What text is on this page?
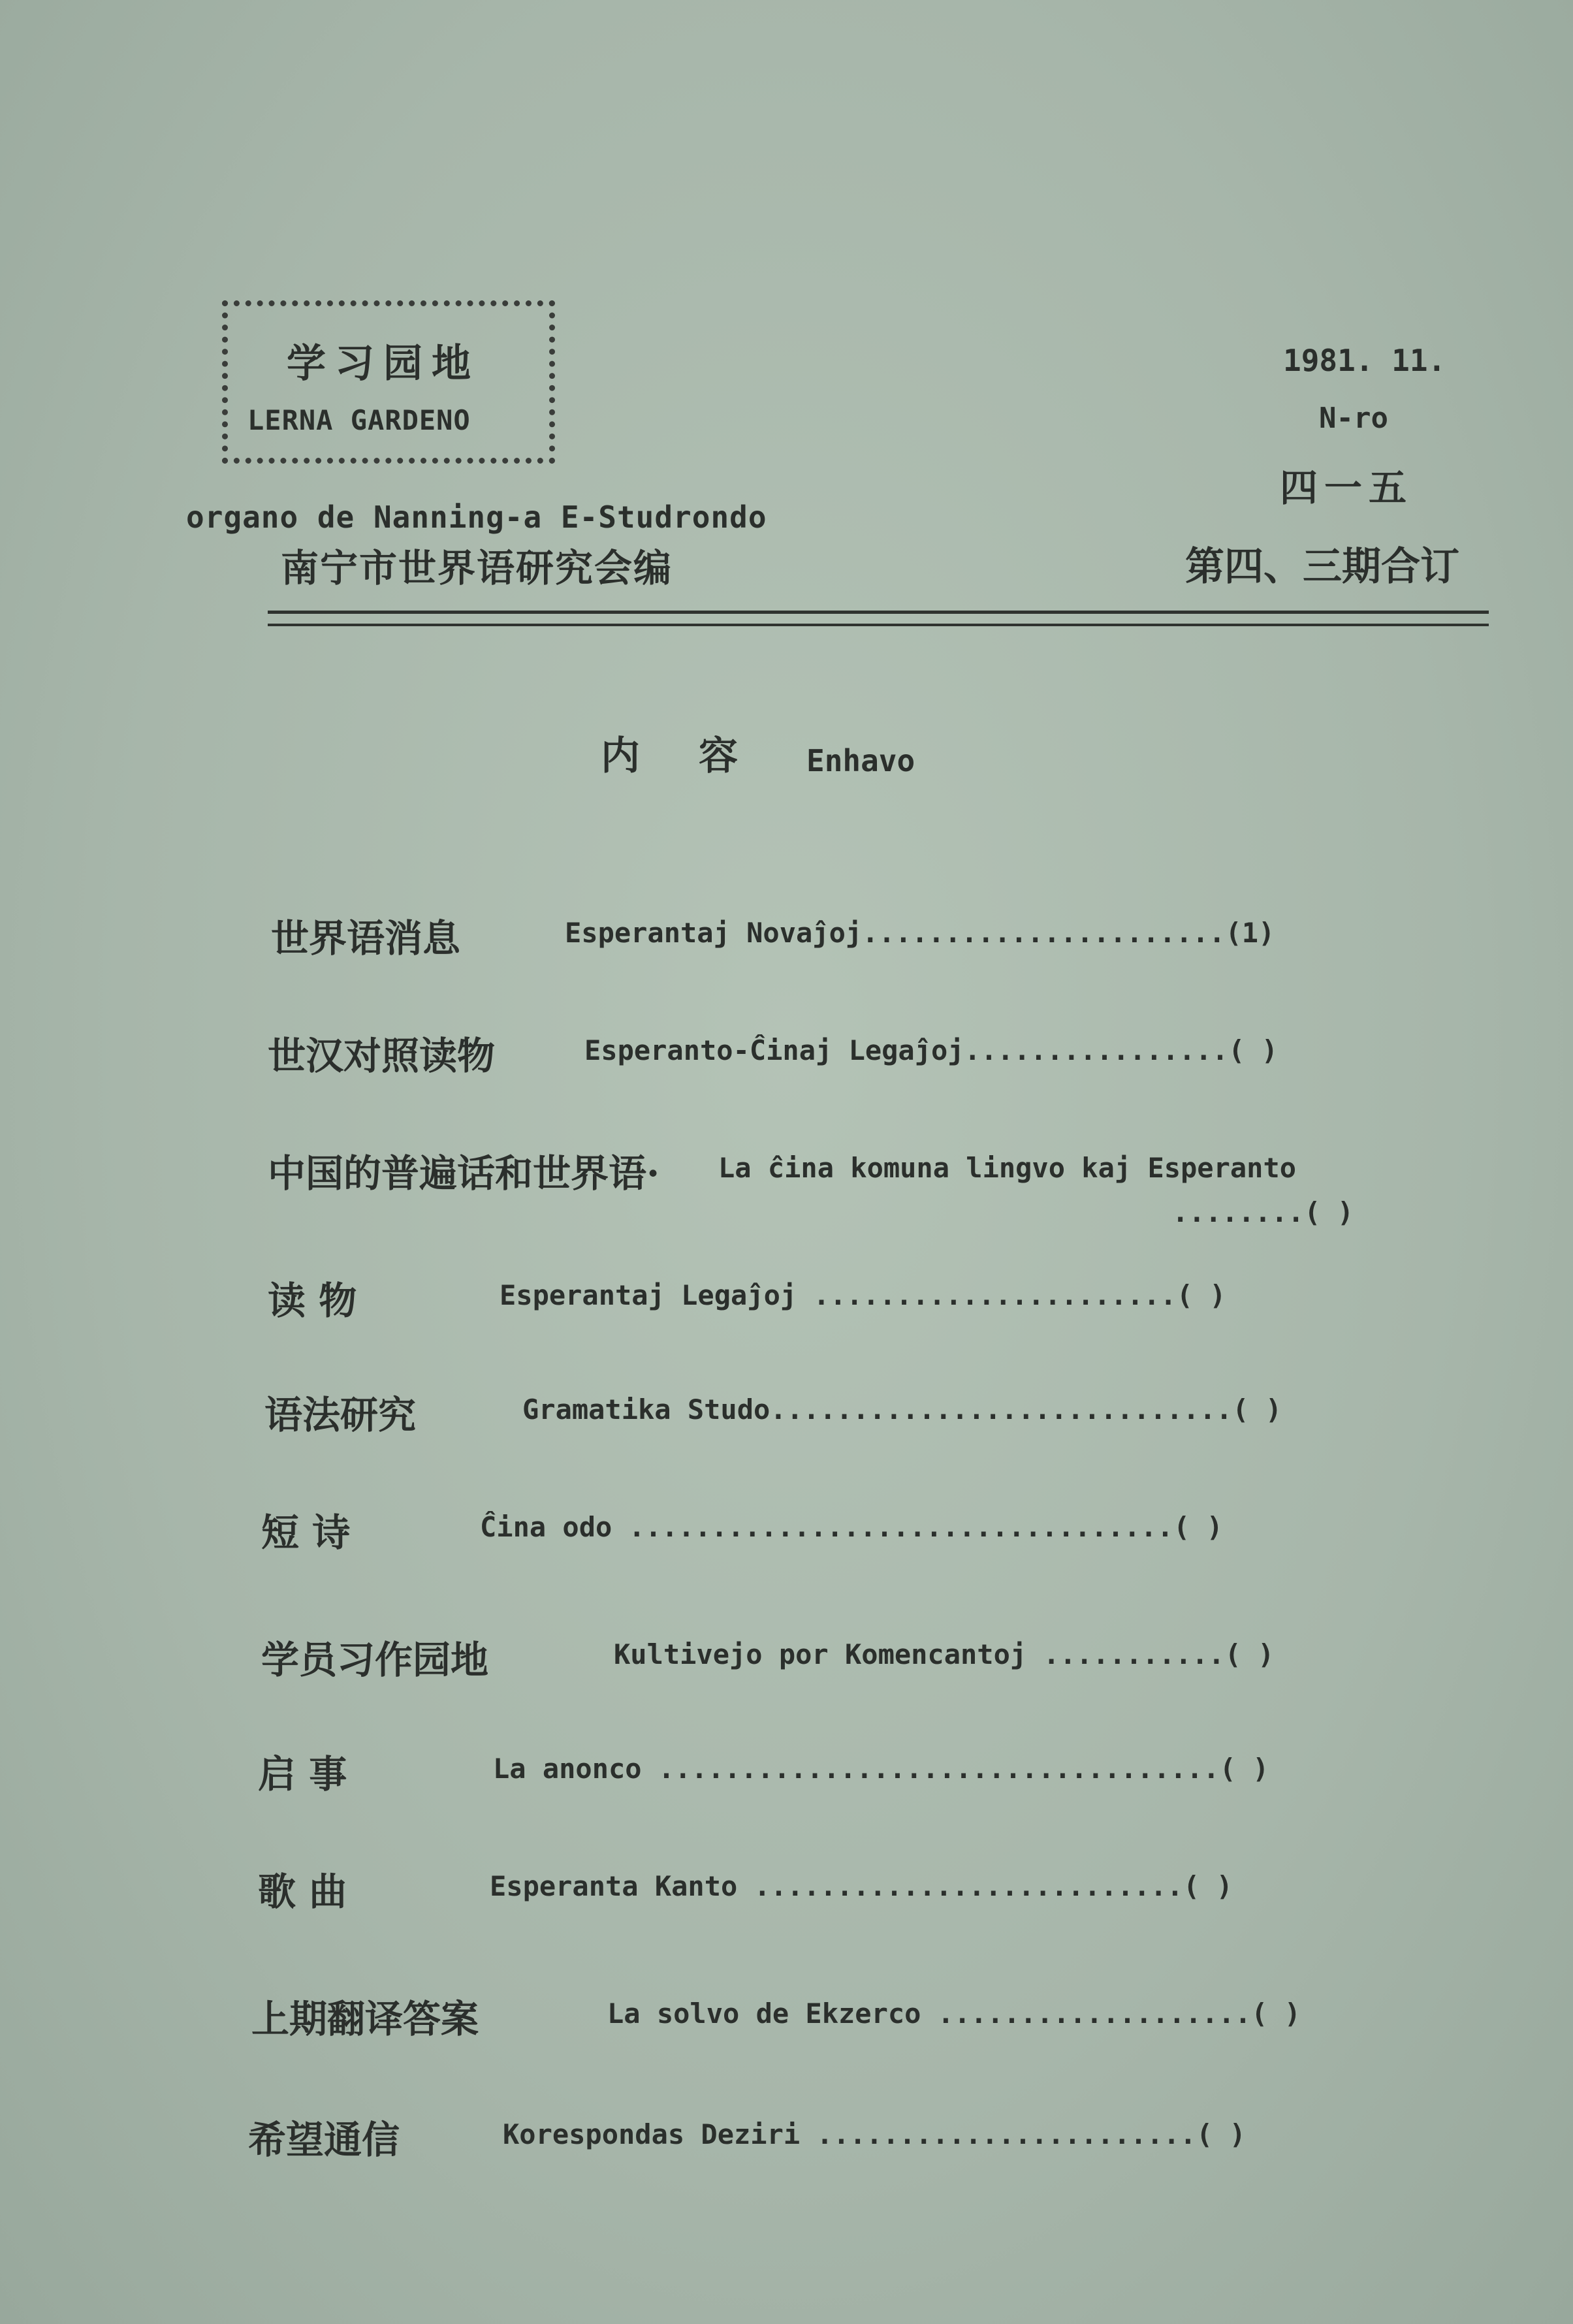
学习园地
LERNA GARDENO
organo de Nanning-a E-Studrondo
南宁市世界语研究会编
1981. 11.
N-ro
四一五
第四、三期合订
内容 Enhavo
世界语消息	Esperantaj Novaĵoj......................(1)
世汉对照读物	Esperanto-Ĉinaj Legaĵoj................( )
中国的普遍话和世界语· La ĉina komuna lingvo kaj Esperanto
........( )
读 物	Esperantaj Legaĵoj ......................( )
语法研究	Gramatika Studo............................( )
短 诗	Ĉina odo .................................( )
学员习作园地	Kultivejo por Komencantoj ...........( )
启 事	La anonco ..................................( )
歌 曲	Esperanta Kanto ..........................( )
上期翻译答案	La solvo de Ekzerco ...................( )
希望通信	Korespondas Deziri .......................( )
